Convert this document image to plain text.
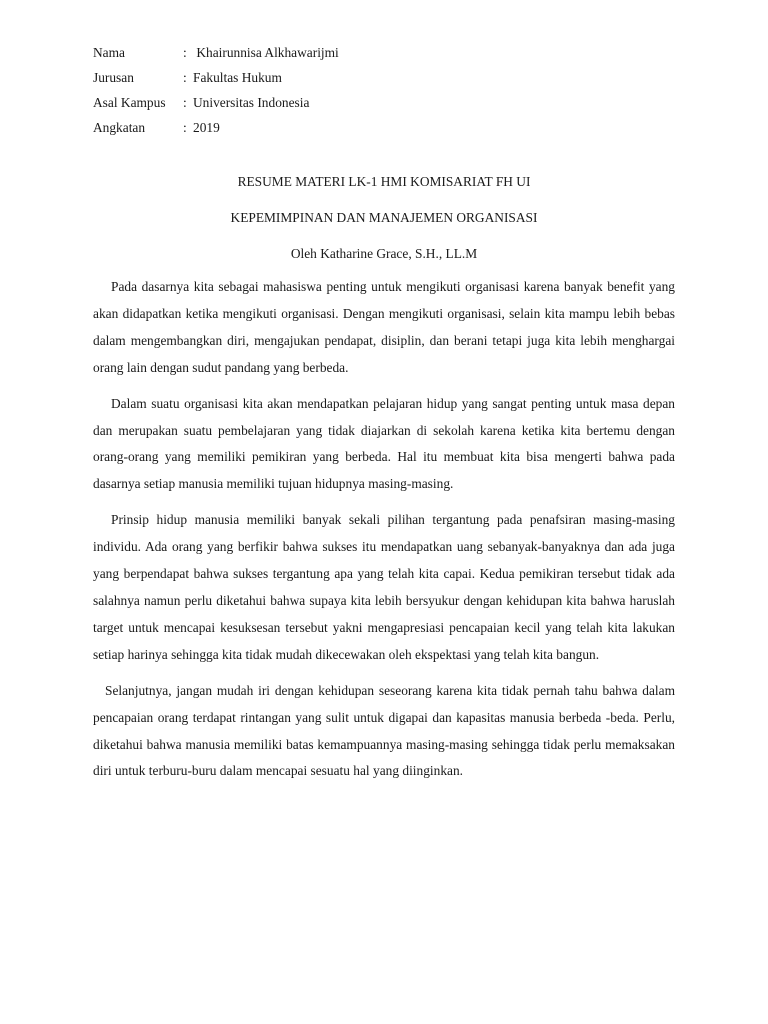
Nama	: Khairunnisa Alkhawarijmi
Jurusan	: Fakultas Hukum
Asal Kampus	: Universitas Indonesia
Angkatan	: 2019
RESUME MATERI LK-1 HMI KOMISARIAT FH UI
KEPEMIMPINAN DAN MANAJEMEN ORGANISASI
Oleh Katharine Grace, S.H., LL.M

Pada dasarnya kita sebagai mahasiswa penting untuk mengikuti organisasi karena banyak benefit yang akan didapatkan ketika mengikuti organisasi. Dengan mengikuti organisasi, selain kita mampu lebih bebas dalam mengembangkan diri, mengajukan pendapat, disiplin, dan berani tetapi juga kita lebih menghargai orang lain dengan sudut pandang yang berbeda.

Dalam suatu organisasi kita akan mendapatkan pelajaran hidup yang sangat penting untuk masa depan dan merupakan suatu pembelajaran yang tidak diajarkan di sekolah karena ketika kita bertemu dengan orang-orang yang memiliki pemikiran yang berbeda. Hal itu membuat kita bisa mengerti bahwa pada dasarnya setiap manusia memiliki tujuan hidupnya masing-masing.

Prinsip hidup manusia memiliki banyak sekali pilihan tergantung pada penafsiran masing-masing individu. Ada orang yang berfikir bahwa sukses itu mendapatkan uang sebanyak-banyaknya dan ada juga yang berpendapat bahwa sukses tergantung apa yang telah kita capai. Kedua pemikiran tersebut tidak ada salahnya namun perlu diketahui bahwa supaya kita lebih bersyukur dengan kehidupan kita bahwa haruslah target untuk mencapai kesuksesan tersebut yakni mengapresiasi pencapaian kecil yang telah kita lakukan setiap harinya sehingga kita tidak mudah dikecewakan oleh ekspektasi yang telah kita bangun.

Selanjutnya, jangan mudah iri dengan kehidupan seseorang karena kita tidak pernah tahu bahwa dalam pencapaian orang terdapat rintangan yang sulit untuk digapai dan kapasitas manusia berbeda -beda. Perlu, diketahui bahwa manusia memiliki batas kemampuannya masing-masing sehingga tidak perlu memaksakan diri untuk terburu-buru dalam mencapai sesuatu hal yang diinginkan.
